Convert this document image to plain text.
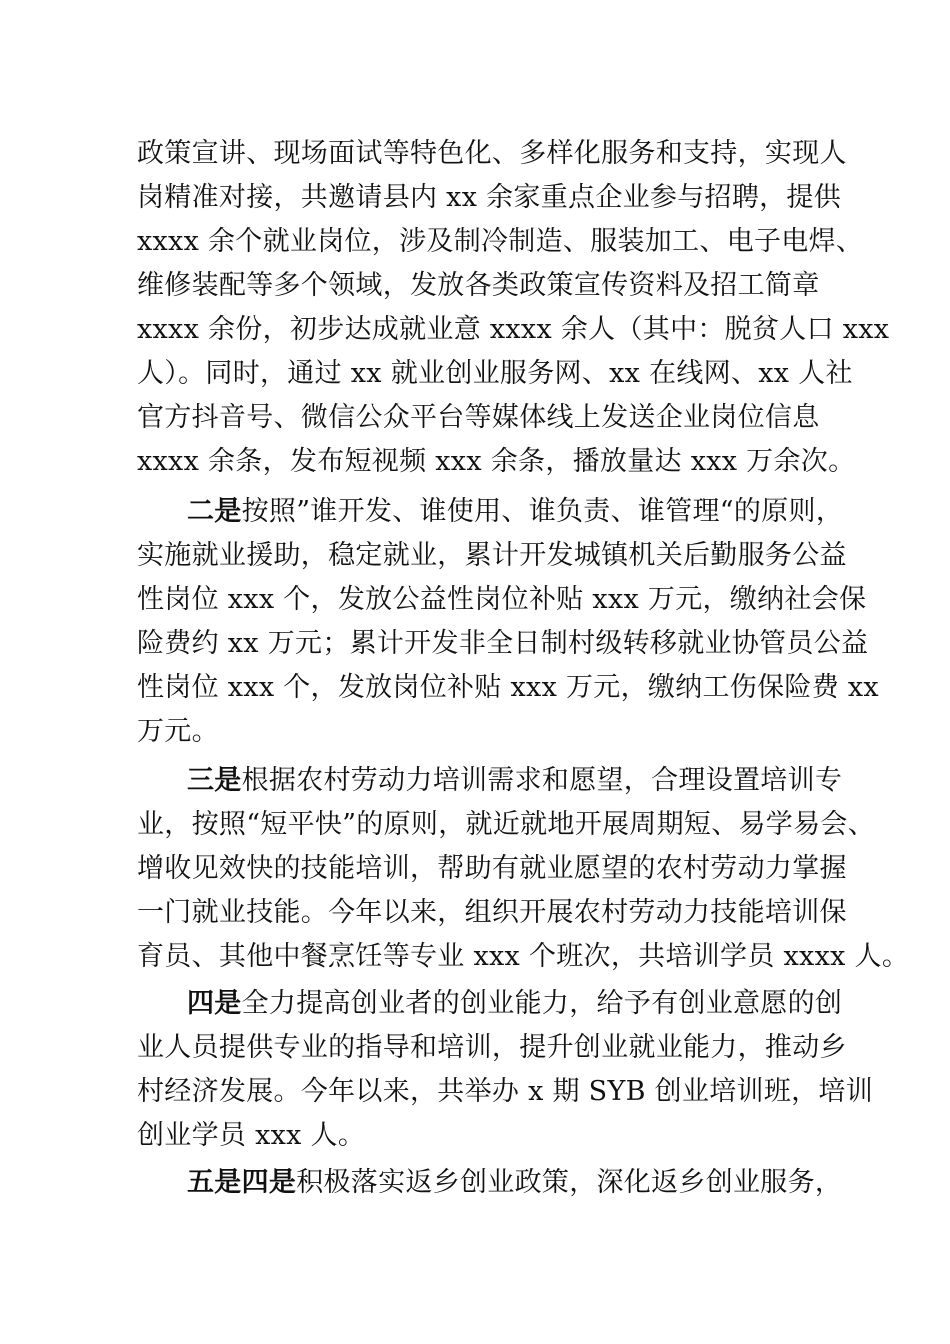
政策宣讲、现场面试等特色化、多样化服务和支持，实现人
岗精准对接，共邀请县内 xx 余家重点企业参与招聘，提供
xxxx 余个就业岗位，涉及制冷制造、服装加工、电子电焊、
维修装配等多个领域，发放各类政策宣传资料及招工简章
xxxx 余份，初步达成就业意 xxxx 余人（其中：脱贫人口 xxx
人）。同时，通过 xx 就业创业服务网、xx 在线网、xx 人社
官方抖音号、微信公众平台等媒体线上发送企业岗位信息
xxxx 余条，发布短视频 xxx 余条，播放量达 xxx 万余次。
二是按照”谁开发、谁使用、谁负责、谁管理“的原则，
实施就业援助，稳定就业，累计开发城镇机关后勤服务公益
性岗位 xxx 个，发放公益性岗位补贴 xxx 万元，缴纳社会保
险费约 xx 万元；累计开发非全日制村级转移就业协管员公益
性岗位 xxx 个，发放岗位补贴 xxx 万元，缴纳工伤保险费 xx
万元。
三是根据农村劳动力培训需求和愿望，合理设置培训专
业，按照“短平快”的原则，就近就地开展周期短、易学易会、
增收见效快的技能培训，帮助有就业愿望的农村劳动力掌握
一门就业技能。今年以来，组织开展农村劳动力技能培训保
育员、其他中餐烹饪等专业 xxx 个班次，共培训学员 xxxx 人。
四是全力提高创业者的创业能力，给予有创业意愿的创
业人员提供专业的指导和培训，提升创业就业能力，推动乡
村经济发展。今年以来，共举办 x 期 SYB 创业培训班，培训
创业学员 xxx 人。
五是四是积极落实返乡创业政策，深化返乡创业服务，
